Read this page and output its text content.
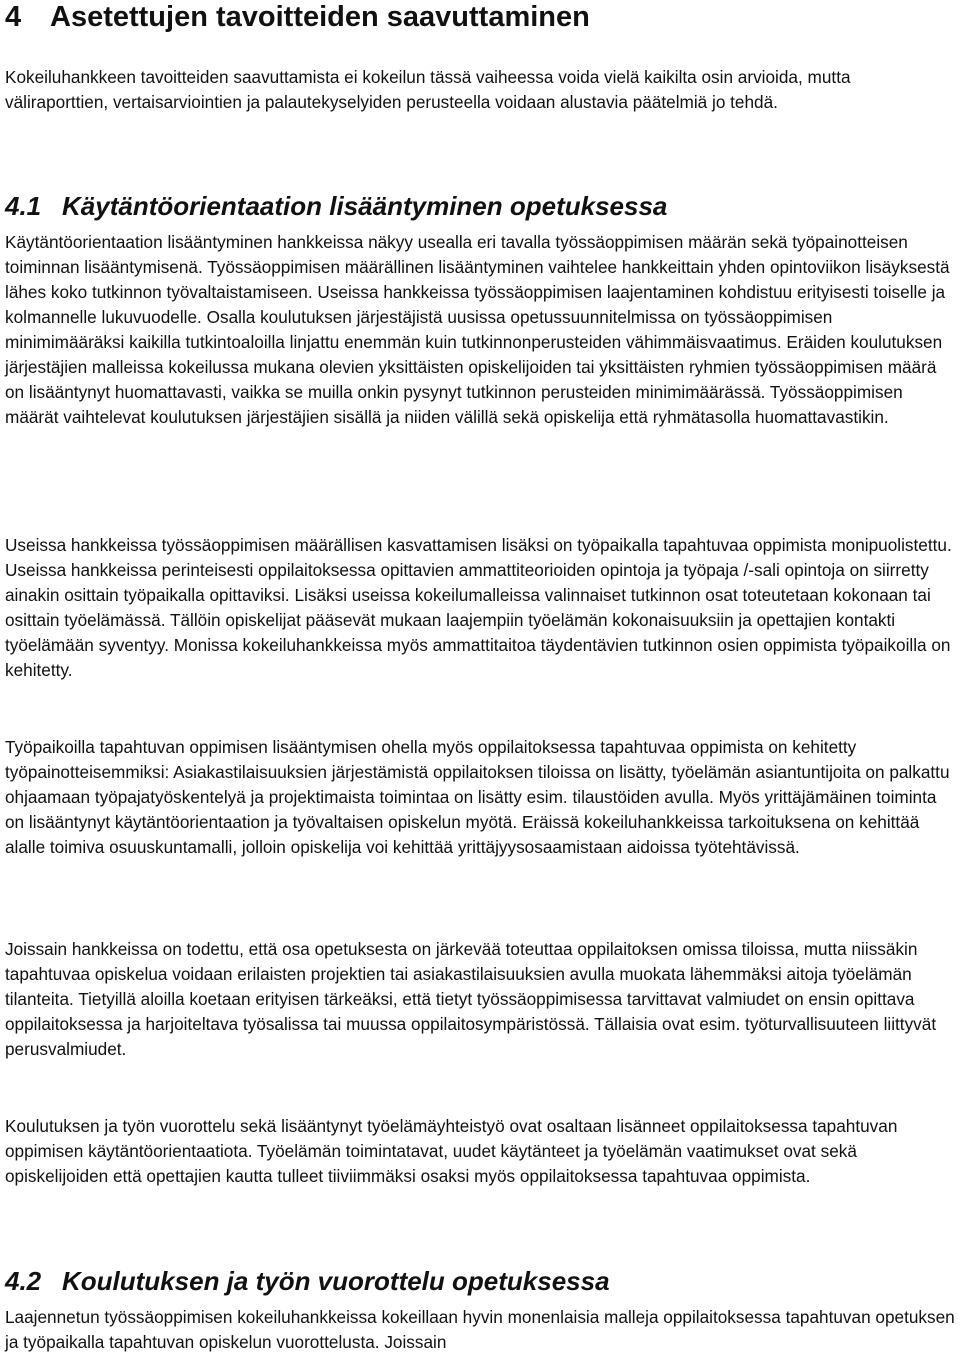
4 Asetettujen tavoitteiden saavuttaminen

Kokeiluhankkeen tavoitteiden saavuttamista ei kokeilun tässä vaiheessa voida vielä kaikilta osin arvioida, mutta väliraporttien, vertaisarviointien ja palautekyselyiden perusteella voidaan alustavia päätelmiä jo tehdä.

4.1 Käytäntöorientaation lisääntyminen opetuksessa

Käytäntöorientaation lisääntyminen hankkeissa näkyy usealla eri tavalla työssäoppimisen määrän sekä työpainotteisen toiminnan lisääntymisenä. Työssäoppimisen määrällinen lisääntyminen vaihtelee hankkeittain yhden opintoviikon lisäyksestä lähes koko tutkinnon työvaltaistamiseen. Useissa hankkeissa työssäoppimisen laajentaminen kohdistuu erityisesti toiselle ja kolmannelle lukuvuodelle. Osalla koulutuksen järjestäjistä uusissa opetussuunnitelmissa on työssäoppimisen minimimääräksi kaikilla tutkintoaloilla linjattu enemmän kuin tutkinnonperusteiden vähimmäisvaatimus. Eräiden koulutuksen järjestäjien malleissa kokeilussa mukana olevien yksittäisten opiskelijoiden tai yksittäisten ryhmien työssäoppimisen määrä on lisääntynyt huomattavasti, vaikka se muilla onkin pysynyt tutkinnon perusteiden minimimäärässä. Työssäoppimisen määrät vaihtelevat koulutuksen järjestäjien sisällä ja niiden välillä sekä opiskelija että ryhmätasolla huomattavastikin.

Useissa hankkeissa työssäoppimisen määrällisen kasvattamisen lisäksi on työpaikalla tapahtuvaa oppimista monipuolistettu. Useissa hankkeissa perinteisesti oppilaitoksessa opittavien ammattiteorioiden opintoja ja työpaja /-sali opintoja on siirretty ainakin osittain työpaikalla opittaviksi. Lisäksi useissa kokeilumalleissa valinnaiset tutkinnon osat toteutetaan kokonaan tai osittain työelämässä. Tällöin opiskelijat pääsevät mukaan laajempiin työelämän kokonaisuuksiin ja opettajien kontakti työelämään syventyy. Monissa kokeiluhankkeissa myös ammattitaitoa täydentävien tutkinnon osien oppimista työpaikoilla on kehitetty.

Työpaikoilla tapahtuvan oppimisen lisääntymisen ohella myös oppilaitoksessa tapahtuvaa oppimista on kehitetty työpainotteisemmiksi: Asiakastilaisuuksien järjestämistä oppilaitoksen tiloissa on lisätty, työelämän asiantuntijoita on palkattu ohjaamaan työpajatyöskentelyä ja projektimaista toimintaa on lisätty esim. tilaustöiden avulla. Myös yrittäjämäinen toiminta on lisääntynyt käytäntöorientaation ja työvaltaisen opiskelun myötä. Eräissä kokeiluhankkeissa tarkoituksena on kehittää alalle toimiva osuuskuntamalli, jolloin opiskelija voi kehittää yrittäjyysosaamistaan aidoissa työtehtävissä.

Joissain hankkeissa on todettu, että osa opetuksesta on järkevää toteuttaa oppilaitoksen omissa tiloissa, mutta niissäkin tapahtuvaa opiskelua voidaan erilaisten projektien tai asiakastilaisuuksien avulla muokata lähemmäksi aitoja työelämän tilanteita. Tietyillä aloilla koetaan erityisen tärkeäksi, että tietyt työssäoppimisessa tarvittavat valmiudet on ensin opittava oppilaitoksessa ja harjoiteltava työsalissa tai muussa oppilaitosympäristössä. Tällaisia ovat esim. työturvallisuuteen liittyvät perusvalmiudet.

Koulutuksen ja työn vuorottelu sekä lisääntynyt työelämäyhteistyö ovat osaltaan lisänneet oppilaitoksessa tapahtuvan oppimisen käytäntöorientaatiota. Työelämän toimintatavat, uudet käytänteet ja työelämän vaatimukset ovat sekä opiskelijoiden että opettajien kautta tulleet tiiviimmäksi osaksi myös oppilaitoksessa tapahtuvaa oppimista.

4.2 Koulutuksen ja työn vuorottelu opetuksessa

Laajennetun työssäoppimisen kokeiluhankkeissa kokeillaan hyvin monenlaisia malleja oppilaitoksessa tapahtuvan opetuksen ja työpaikalla tapahtuvan opiskelun vuorottelusta. Joissain
